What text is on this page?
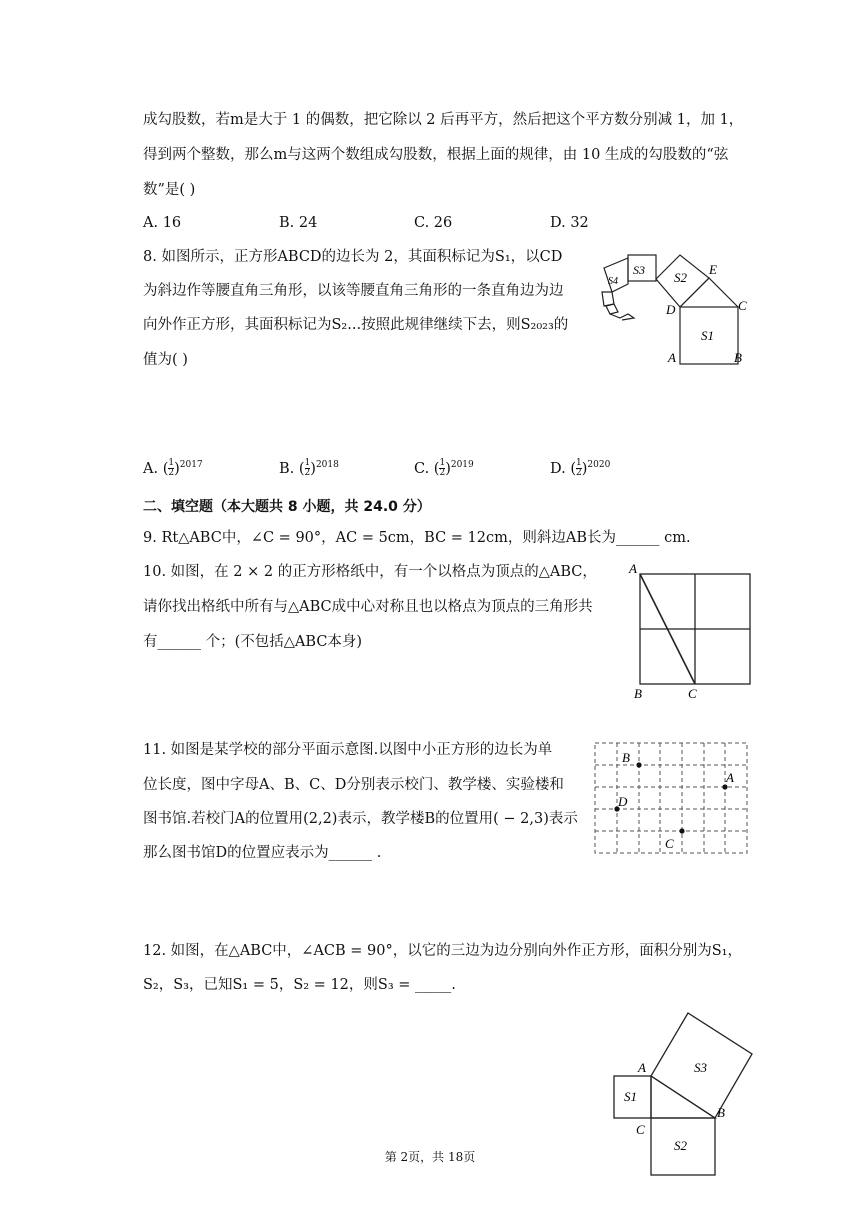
成勾股数，若m是大于 1 的偶数，把它除以 2 后再平方，然后把这个平方数分别减 1，加 1，
得到两个整数，那么m与这两个数组成勾股数，根据上面的规律，由 10 生成的勾股数的“弦
数”是( )
A. 16	B. 24	C. 26	D. 32
8. 如图所示，正方形ABCD的边长为 2，其面积标记为S₁，以CD
为斜边作等腰直角三角形，以该等腰直角三角形的一条直角边为边
向外作正方形，其面积标记为S₂...按照此规律继续下去，则S₂₀₂₃的
值为( )
S1
S2
S3
S4
A	B
C
D
E
A. ( $\frac{1}{2} )^{2017}$	B. ( $\frac{1}{2} )^{2018}$	C. ( $\frac{1}{2} )^{2019}$	D. ( $\frac{1}{2} )^{2020}$
二、填空题（本大题共 8 小题，共 24.0 分）
9. Rt△ABC中，∠C = 90°，AC = 5cm，BC = 12cm，则斜边AB长为______ cm.
10. 如图，在 2 × 2 的正方形格纸中，有一个以格点为顶点的△ABC，
请你找出格纸中所有与△ABC成中心对称且也以格点为顶点的三角形共
有______ 个；(不包括△ABC本身)
A
B	C
11. 如图是某学校的部分平面示意图.以图中小正方形的边长为单
位长度，图中字母A、B、C、D分别表示校门、教学楼、实验楼和
图书馆.若校门A的位置用(2,2)表示，教学楼B的位置用( − 2,3)表示
那么图书馆D的位置应表示为______ .
A
B
C
D
12. 如图，在△ABC中，∠ACB = 90°，以它的三边为边分别向外作正方形，面积分别为S₁，
S₂，S₃，已知S₁ = 5，S₂ = 12，则S₃ = _____.
S1
S2
S3
A
B
C
第 2页，共 18页
